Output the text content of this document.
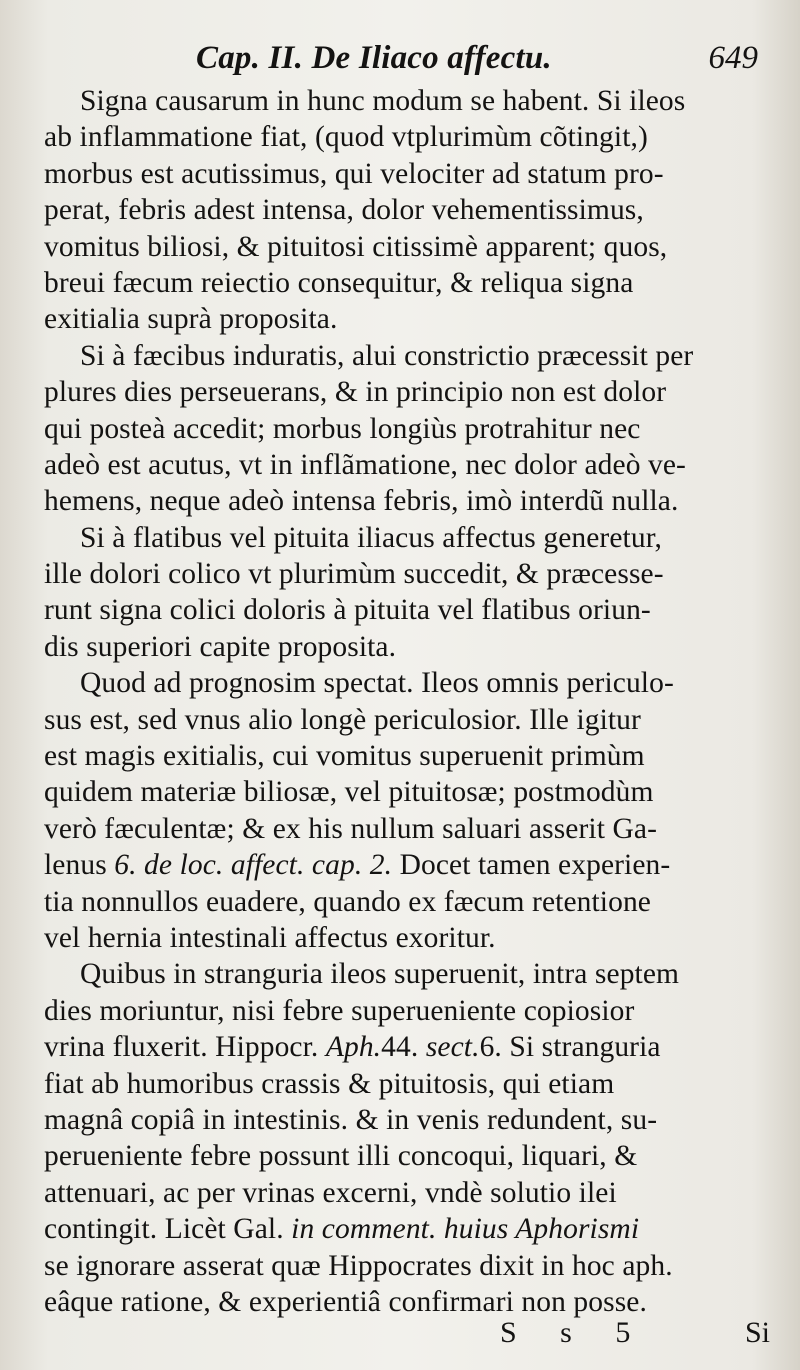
Cap. II. De Iliaco affectu.	649
Signa causarum in hunc modum se habent. Si ileos
ab inflammatione fiat, (quod vtplurimùm cõtingit,)
morbus est acutissimus, qui velociter ad statum pro-
perat, febris adest intensa, dolor vehementissimus,
vomitus biliosi, & pituitosi citissimè apparent; quos,
breui fæcum reiectio consequitur, & reliqua signa
exitialia suprà proposita.
Si à fæcibus induratis, alui constrictio præcessit per
plures dies perseuerans, & in principio non est dolor
qui posteà accedit; morbus longiùs protrahitur nec
adeò est acutus, vt in inflãmatione, nec dolor adeò ve-
hemens, neque adeò intensa febris, imò interdũ nulla.
Si à flatibus vel pituita iliacus affectus generetur,
ille dolori colico vt plurimùm succedit, & præcesse-
runt signa colici doloris à pituita vel flatibus oriun-
dis superiori capite proposita.
Quod ad prognosim spectat. Ileos omnis periculo-
sus est, sed vnus alio longè periculosior. Ille igitur
est magis exitialis, cui vomitus superuenit primùm
quidem materiæ biliosæ, vel pituitosæ; postmodùm
verò fæculentæ; & ex his nullum saluari asserit Ga-
lenus 6. de loc. affect. cap. 2. Docet tamen experien-
tia nonnullos euadere, quando ex fæcum retentione
vel hernia intestinali affectus exoritur.
Quibus in stranguria ileos superuenit, intra septem
dies moriuntur, nisi febre superueniente copiosior
vrina fluxerit. Hippocr. Aph.44. sect.6. Si stranguria
fiat ab humoribus crassis & pituitosis, qui etiam
magnâ copiâ in intestinis. & in venis redundent, su-
perueniente febre possunt illi concoqui, liquari, &
attenuari, ac per vrinas excerni, vndè solutio ilei
contingit. Licèt Gal. in comment. huius Aphorismi
se ignorare asserat quæ Hippocrates dixit in hoc aph.
eâque ratione, & experientiâ confirmari non posse.
S s 5	Si
